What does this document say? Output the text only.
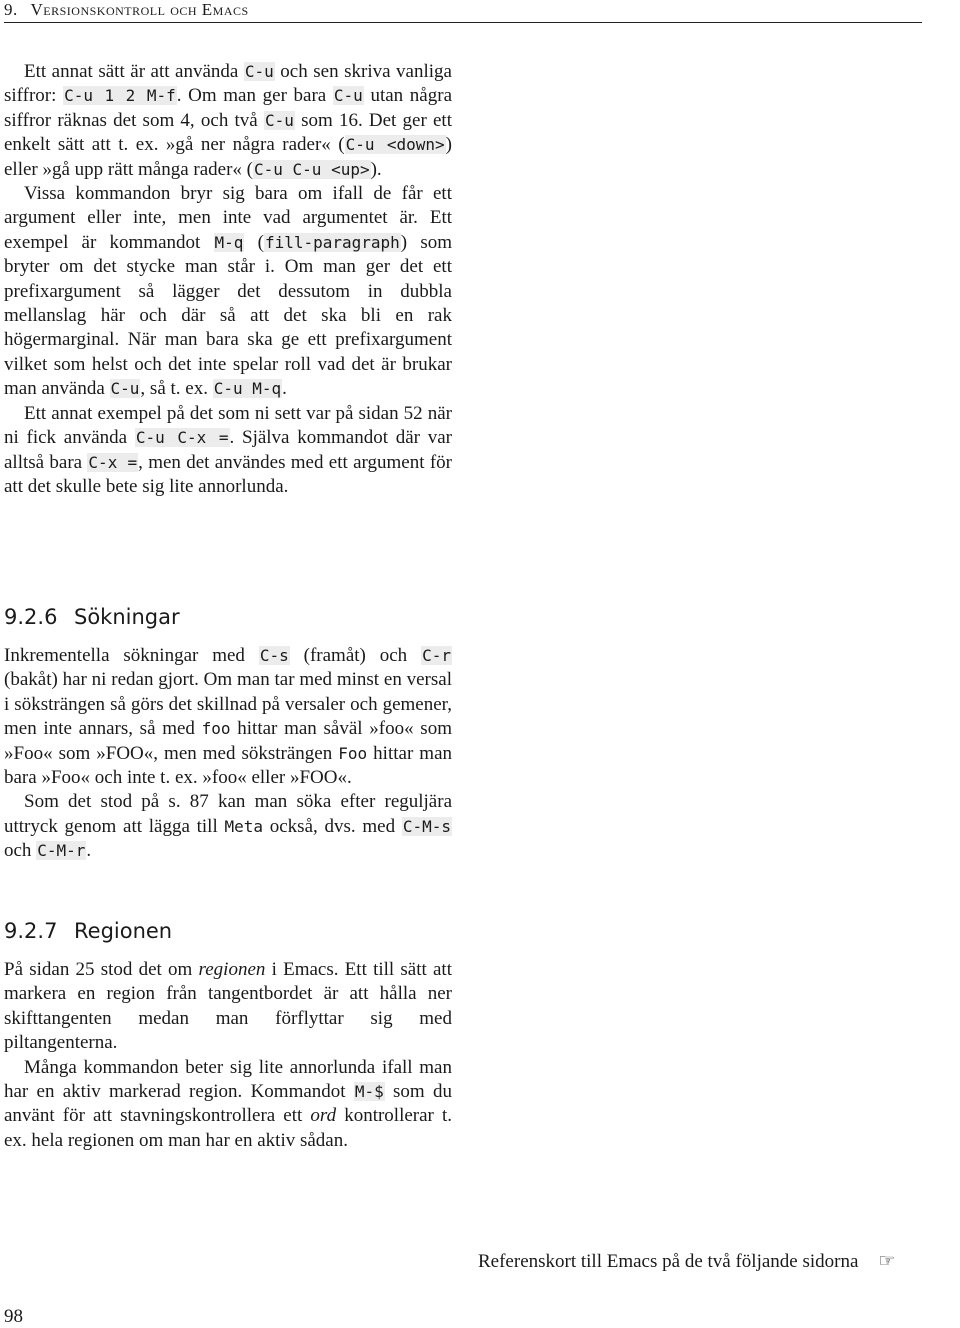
9. Versionskontroll och Emacs

Ett annat sätt är att använda C-u och sen skriva vanliga siffror: C-u 1 2 M-f. Om man ger bara C-u utan några siffror räknas det som 4, och två C-u som 16. Det ger ett enkelt sätt att t. ex. »gå ner några rader« (C-u <down>) eller »gå upp rätt många rader« (C-u C-u <up>).

Vissa kommandon bryr sig bara om ifall de får ett argument eller inte, men inte vad argumentet är. Ett exempel är kommandot M-q (fill-paragraph) som bryter om det stycke man står i. Om man ger det ett prefixargument så lägger det dessutom in dubbla mellanslag här och där så att det ska bli en rak högermarginal. När man bara ska ge ett prefixargument vilket som helst och det inte spelar roll vad det är brukar man använda C-u, så t. ex. C-u M-q.

Ett annat exempel på det som ni sett var på sidan 52 när ni fick använda C-u C-x =. Själva kommandot där var alltså bara C-x =, men det användes med ett argument för att det skulle bete sig lite annorlunda.

9.2.6 Sökningar

Inkrementella sökningar med C-s (framåt) och C-r (bakåt) har ni redan gjort. Om man tar med minst en versal i söksträngen så görs det skillnad på versaler och gemener, men inte annars, så med foo hittar man såväl »foo« som »Foo« som »FOO«, men med söksträngen Foo hittar man bara »Foo« och inte t. ex. »foo« eller »FOO«.

Som det stod på s. 87 kan man söka efter reguljära uttryck genom att lägga till Meta också, dvs. med C-M-s och C-M-r.

9.2.7 Regionen

På sidan 25 stod det om regionen i Emacs. Ett till sätt att markera en region från tangentbordet är att hålla ner skifttangenten medan man förflyttar sig med piltangenterna.

Många kommandon beter sig lite annorlunda ifall man har en aktiv markerad region. Kommandot M-$ som du använt för att stavningskontrollera ett ord kontrollerar t. ex. hela regionen om man har en aktiv sådan.

Referenskort till Emacs på de två följande sidorna ☞
98
